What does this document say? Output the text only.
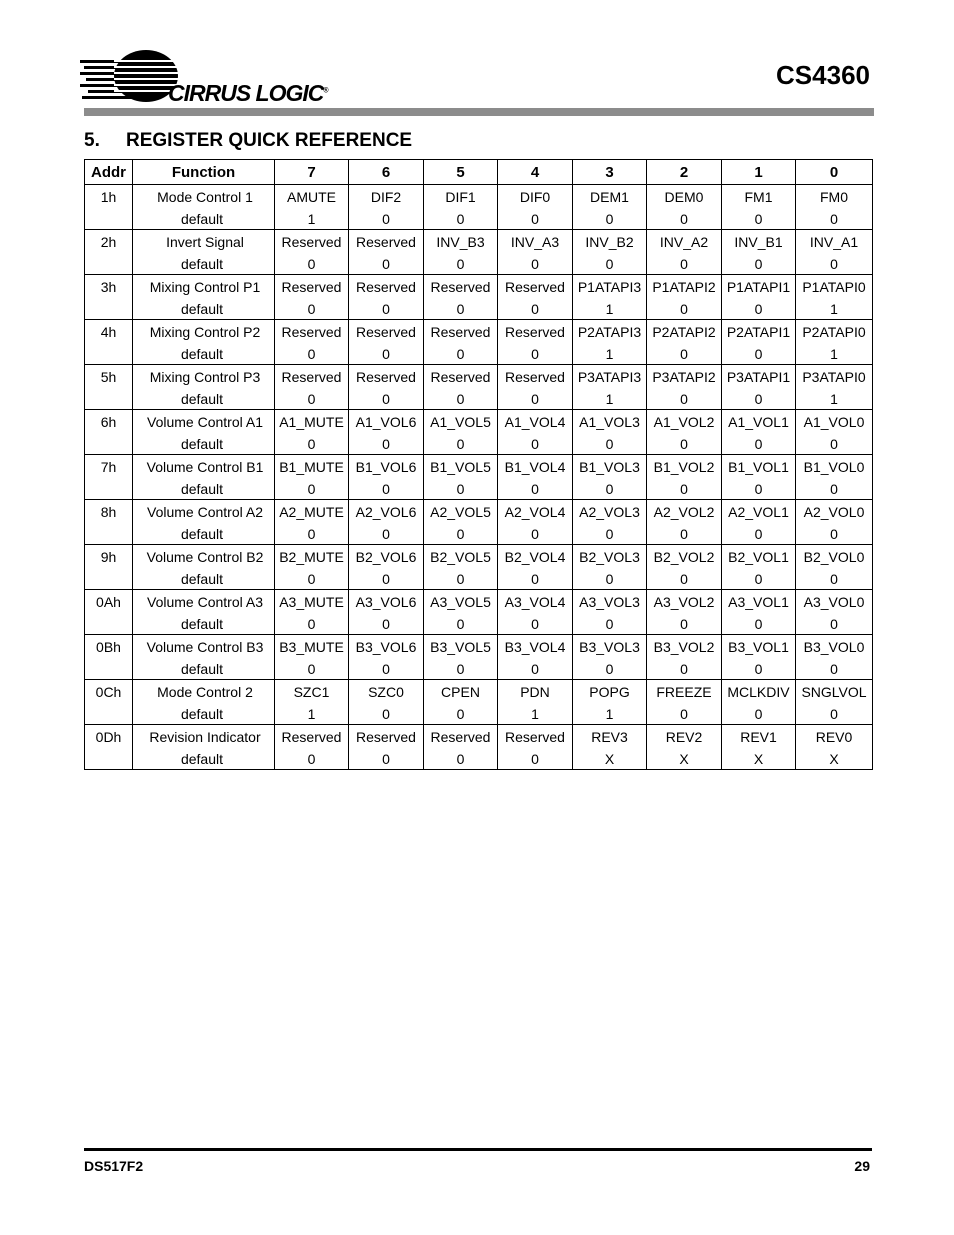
CIRRUS LOGIC®
CS4360
5. REGISTER QUICK REFERENCE
Addr	Function	7	6	5	4	3	2	1	0
1h	Mode Control 1	AMUTE	DIF2	DIF1	DIF0	DEM1	DEM0	FM1	FM0
	default	1	0	0	0	0	0	0	0
2h	Invert Signal	Reserved	Reserved	INV_B3	INV_A3	INV_B2	INV_A2	INV_B1	INV_A1
	default	0	0	0	0	0	0	0	0
3h	Mixing Control P1	Reserved	Reserved	Reserved	Reserved	P1ATAPI3	P1ATAPI2	P1ATAPI1	P1ATAPI0
	default	0	0	0	0	1	0	0	1
4h	Mixing Control P2	Reserved	Reserved	Reserved	Reserved	P2ATAPI3	P2ATAPI2	P2ATAPI1	P2ATAPI0
	default	0	0	0	0	1	0	0	1
5h	Mixing Control P3	Reserved	Reserved	Reserved	Reserved	P3ATAPI3	P3ATAPI2	P3ATAPI1	P3ATAPI0
	default	0	0	0	0	1	0	0	1
6h	Volume Control A1	A1_MUTE	A1_VOL6	A1_VOL5	A1_VOL4	A1_VOL3	A1_VOL2	A1_VOL1	A1_VOL0
	default	0	0	0	0	0	0	0	0
7h	Volume Control B1	B1_MUTE	B1_VOL6	B1_VOL5	B1_VOL4	B1_VOL3	B1_VOL2	B1_VOL1	B1_VOL0
	default	0	0	0	0	0	0	0	0
8h	Volume Control A2	A2_MUTE	A2_VOL6	A2_VOL5	A2_VOL4	A2_VOL3	A2_VOL2	A2_VOL1	A2_VOL0
	default	0	0	0	0	0	0	0	0
9h	Volume Control B2	B2_MUTE	B2_VOL6	B2_VOL5	B2_VOL4	B2_VOL3	B2_VOL2	B2_VOL1	B2_VOL0
	default	0	0	0	0	0	0	0	0
0Ah	Volume Control A3	A3_MUTE	A3_VOL6	A3_VOL5	A3_VOL4	A3_VOL3	A3_VOL2	A3_VOL1	A3_VOL0
	default	0	0	0	0	0	0	0	0
0Bh	Volume Control B3	B3_MUTE	B3_VOL6	B3_VOL5	B3_VOL4	B3_VOL3	B3_VOL2	B3_VOL1	B3_VOL0
	default	0	0	0	0	0	0	0	0
0Ch	Mode Control 2	SZC1	SZC0	CPEN	PDN	POPG	FREEZE	MCLKDIV	SNGLVOL
	default	1	0	0	1	1	0	0	0
0Dh	Revision Indicator	Reserved	Reserved	Reserved	Reserved	REV3	REV2	REV1	REV0
	default	0	0	0	0	X	X	X	X
DS517F2	29
